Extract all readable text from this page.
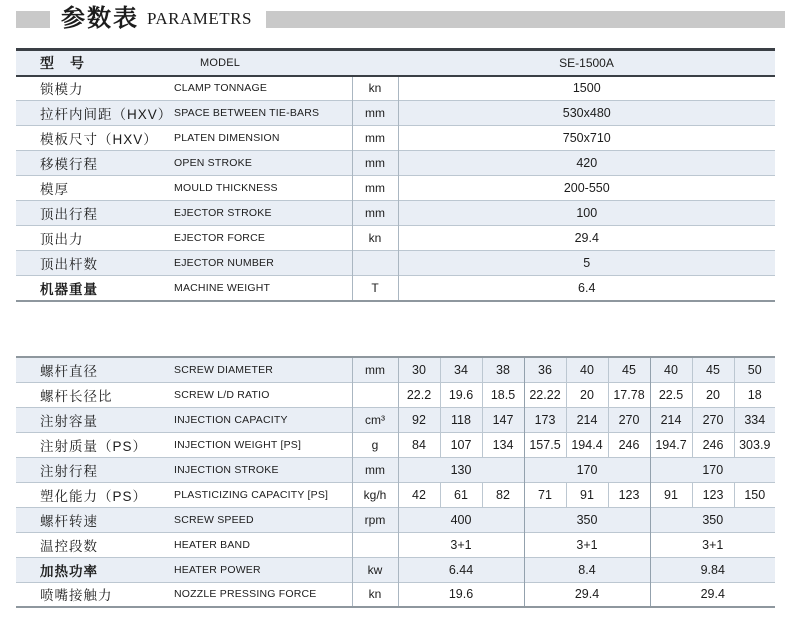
参数表 PARAMETRS
型　号	MODEL		SE-1500A
锁模力	CLAMP TONNAGE	kn	1500
拉杆内间距（HXV）	SPACE BETWEEN TIE-BARS	mm	530x480
模板尺寸（HXV）	PLATEN DIMENSION	mm	750x710
移模行程	OPEN STROKE	mm	420
模厚	MOULD THICKNESS	mm	200-550
顶出行程	EJECTOR STROKE	mm	100
顶出力	EJECTOR FORCE	kn	29.4
顶出杆数	EJECTOR NUMBER		5
机器重量	MACHINE WEIGHT	T	6.4
螺杆直径	SCREW DIAMETER	mm	30	34	38	36	40	45	40	45	50
螺杆长径比	SCREW L/D RATIO		22.2	19.6	18.5	22.22	20	17.78	22.5	20	18
注射容量	INJECTION CAPACITY	cm³	92	118	147	173	214	270	214	270	334
注射质量（PS）	INJECTION WEIGHT [PS]	g	84	107	134	157.5	194.4	246	194.7	246	303.9
注射行程	INJECTION STROKE	mm	130			170			170		
塑化能力（PS）	PLASTICIZING CAPACITY [PS]	kg/h	42	61	82	71	91	123	91	123	150
螺杆转速	SCREW SPEED	rpm	400			350			350		
温控段数	HEATER BAND		3+1			3+1			3+1		
加热功率	HEATER POWER	kw	6.44			8.4			9.84		
喷嘴接触力	NOZZLE PRESSING FORCE	kn	19.6			29.4			29.4		
